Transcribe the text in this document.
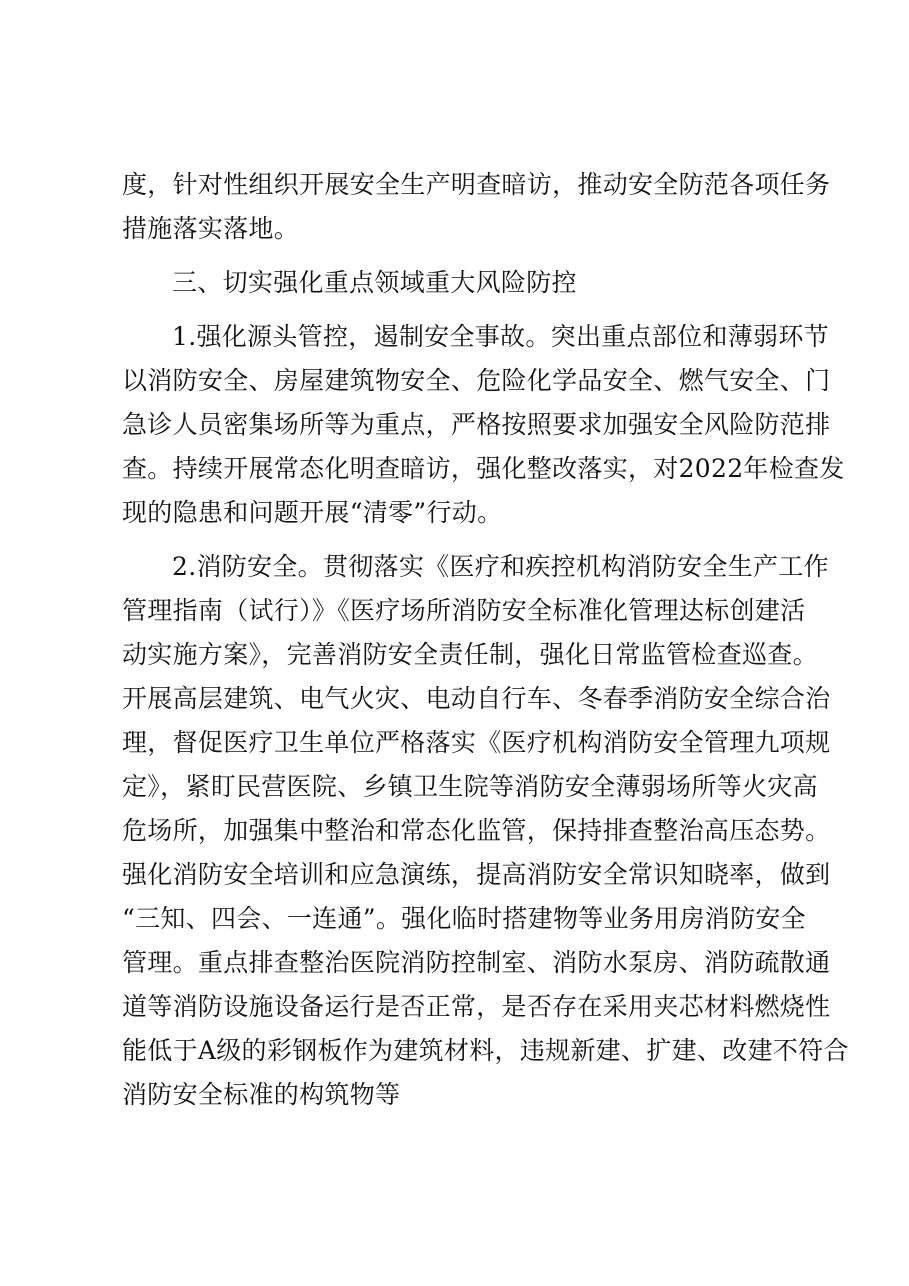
度，针对性组织开展安全生产明查暗访，推动安全防范各项任务
措施落实落地。
三、切实强化重点领域重大风险防控
1.强化源头管控，遏制安全事故。突出重点部位和薄弱环节
以消防安全、房屋建筑物安全、危险化学品安全、燃气安全、门
急诊人员密集场所等为重点，严格按照要求加强安全风险防范排
查。持续开展常态化明查暗访，强化整改落实，对2022年检查发
现的隐患和问题开展“清零”行动。
2.消防安全。贯彻落实《医疗和疾控机构消防安全生产工作
管理指南（试行）》《医疗场所消防安全标准化管理达标创建活
动实施方案》，完善消防安全责任制，强化日常监管检查巡查。
开展高层建筑、电气火灾、电动自行车、冬春季消防安全综合治
理，督促医疗卫生单位严格落实《医疗机构消防安全管理九项规
定》，紧盯民营医院、乡镇卫生院等消防安全薄弱场所等火灾高
危场所，加强集中整治和常态化监管，保持排查整治高压态势。
强化消防安全培训和应急演练，提高消防安全常识知晓率，做到
“三知、四会、一连通”。强化临时搭建物等业务用房消防安全
管理。重点排查整治医院消防控制室、消防水泵房、消防疏散通
道等消防设施设备运行是否正常，是否存在采用夹芯材料燃烧性
能低于A级的彩钢板作为建筑材料，违规新建、扩建、改建不符合
消防安全标准的构筑物等
